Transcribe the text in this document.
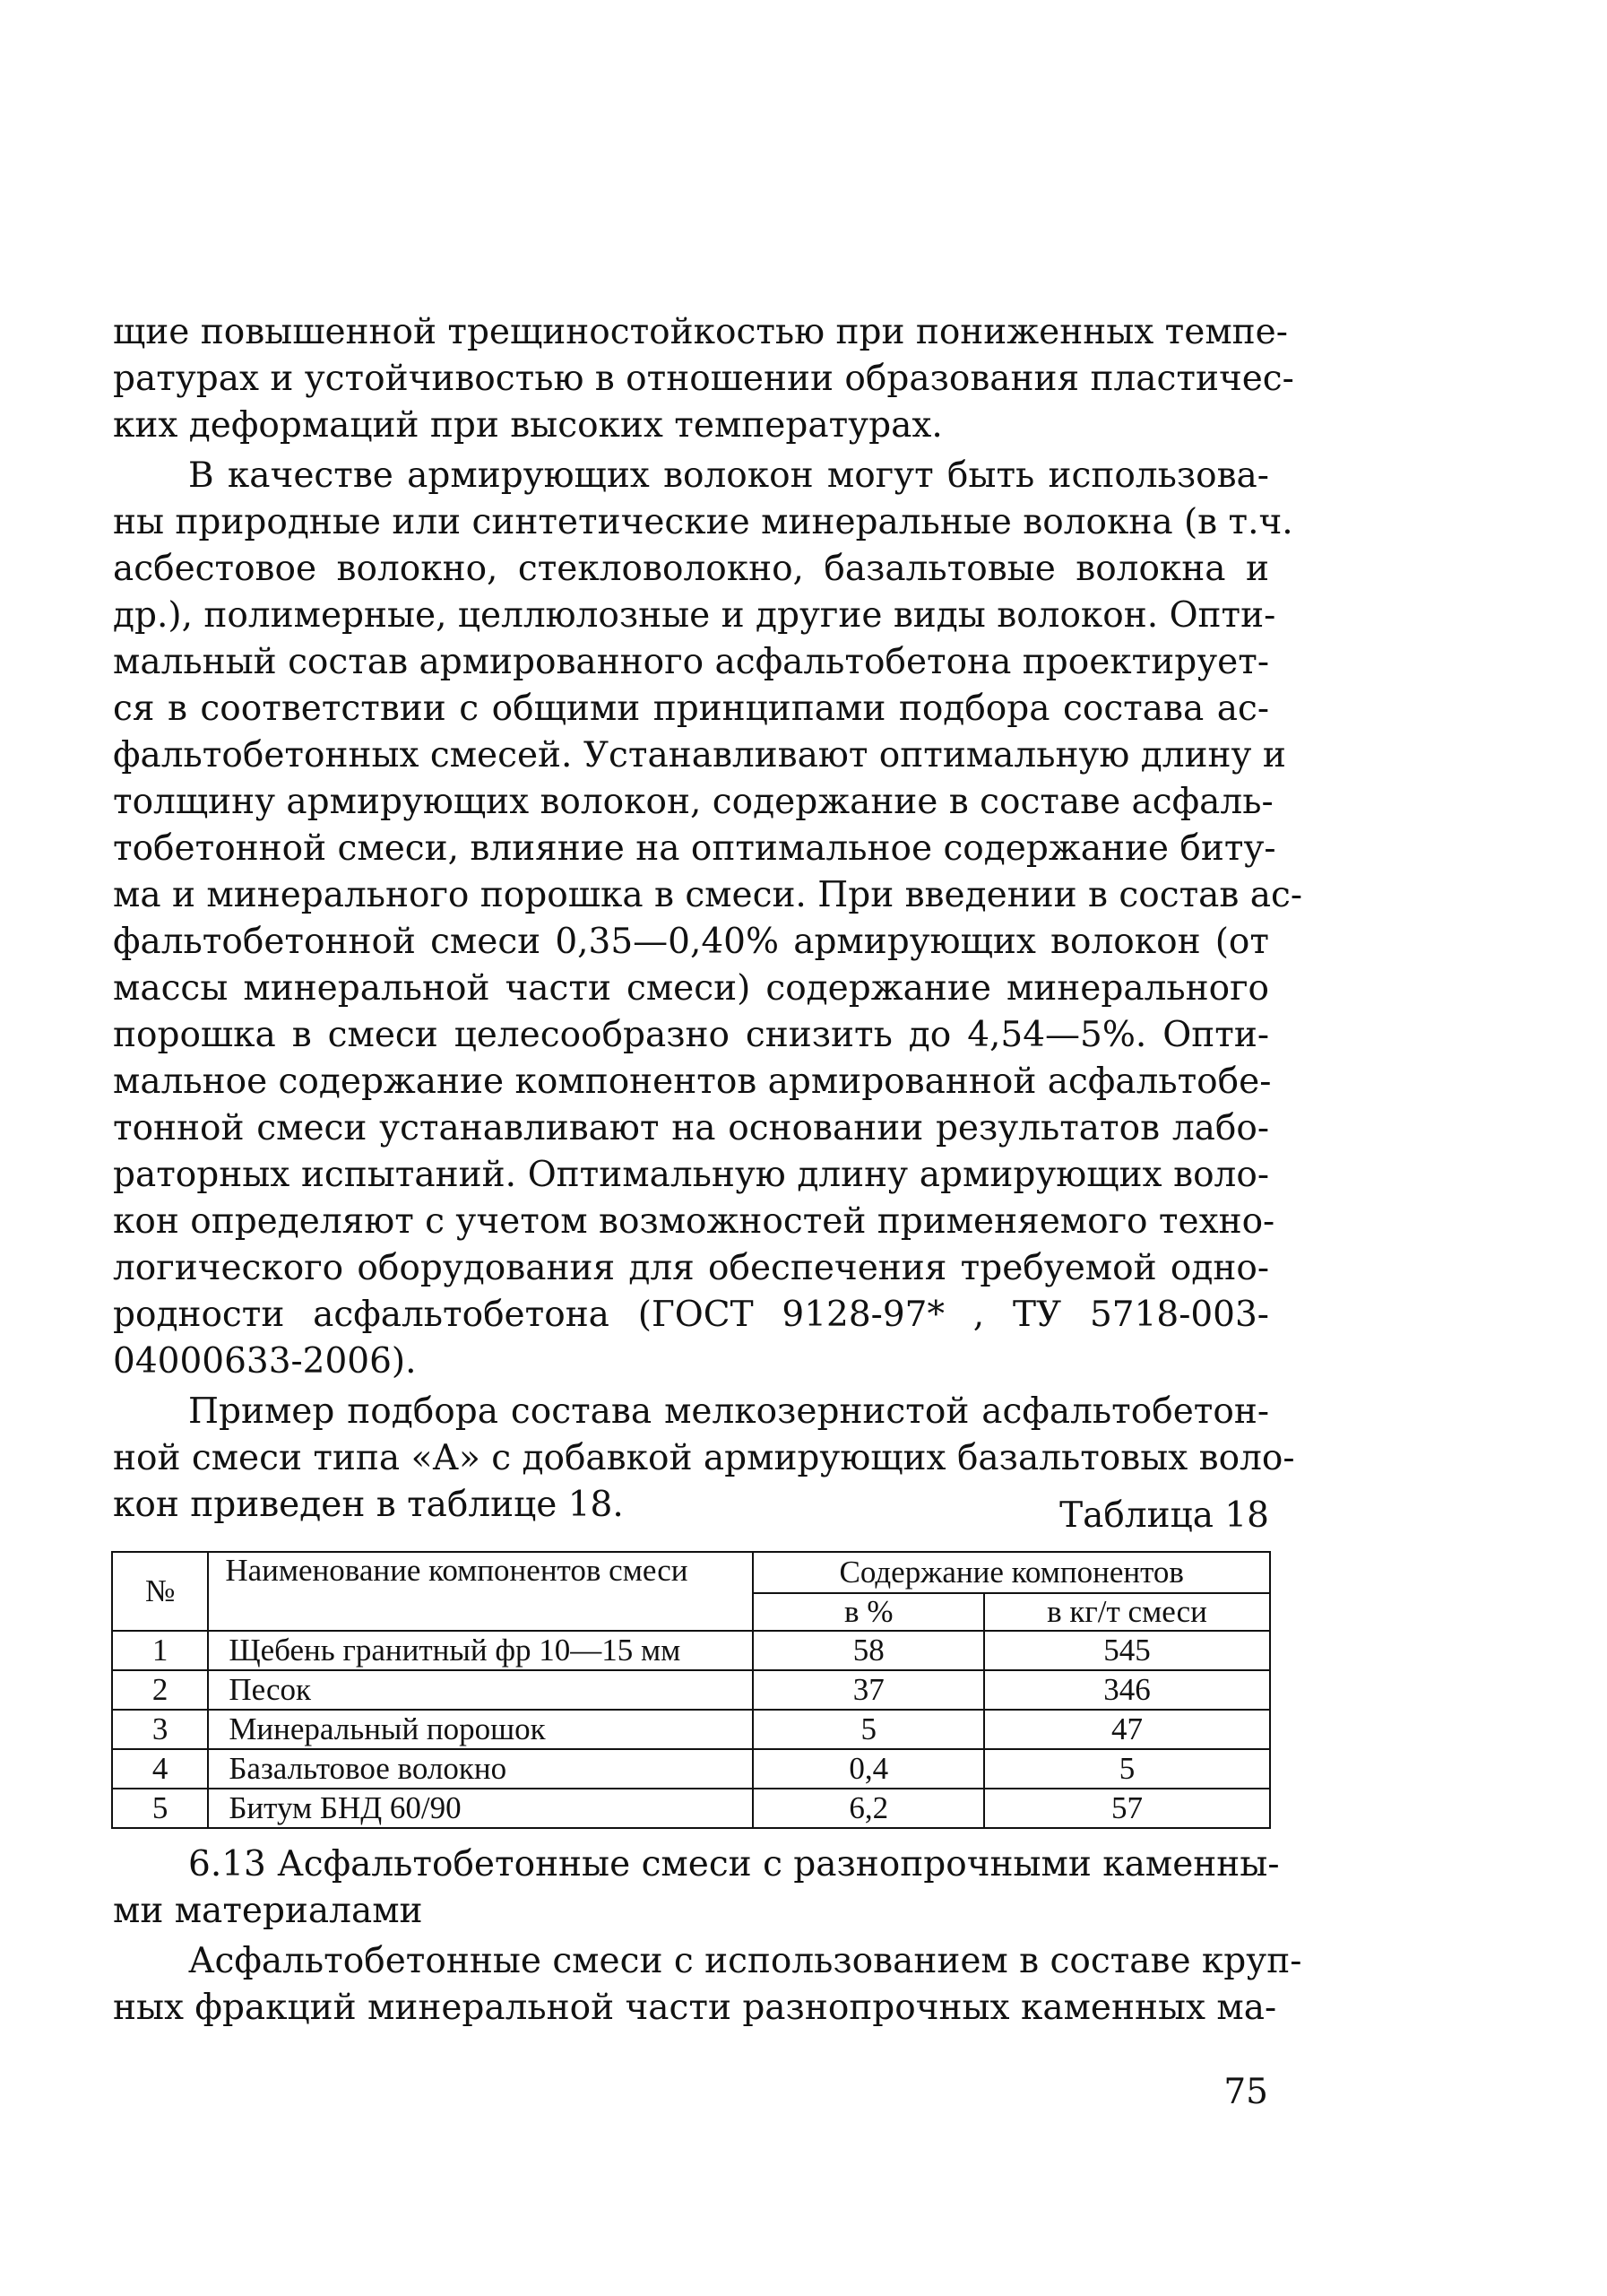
щие повышенной трещиностойкостью при пониженных темпе-
ратурах и устойчивостью в отношении образования пластичес-
ких деформаций при высоких температурах.
В качестве армирующих волокон могут быть использова-
ны природные или синтетические минеральные волокна (в т.ч.
асбестовое волокно, стекловолокно, базальтовые волокна и
др.), полимерные, целлюлозные и другие виды волокон. Опти-
мальный состав армированного асфальтобетона проектирует-
ся в соответствии с общими принципами подбора состава ас-
фальтобетонных смесей. Устанавливают оптимальную длину и
толщину армирующих волокон, содержание в составе асфаль-
тобетонной смеси, влияние на оптимальное содержание биту-
ма и минерального порошка в смеси. При введении в состав ас-
фальтобетонной смеси 0,35—0,40% армирующих волокон (от
массы минеральной части смеси) содержание минерального
порошка в смеси целесообразно снизить до 4,54—5%. Опти-
мальное содержание компонентов армированной асфальтобе-
тонной смеси устанавливают на основании результатов лабо-
раторных испытаний. Оптимальную длину армирующих воло-
кон определяют с учетом возможностей применяемого техно-
логического оборудования для обеспечения требуемой одно-
родности асфальтобетона (ГОСТ 9128-97* , ТУ 5718-003-
04000633-2006).
Пример подбора состава мелкозернистой асфальтобетон-
ной смеси типа «А» с добавкой армирующих базальтовых воло-
кон приведен в таблице 18.	Таблица 18
№	Наименование компонентов смеси	Содержание компонентов	
		в %	в кг/т смеси
1	Щебень гранитный фр 10—15 мм	58	545
2	Песок	37	346
3	Минеральный порошок	5	47
4	Базальтовое волокно	0,4	5
5	Битум БНД 60/90	6,2	57
6.13 Асфальтобетонные смеси с разнопрочными каменны-
ми материалами
Асфальтобетонные смеси с использованием в составе круп-
ных фракций минеральной части разнопрочных каменных ма-
75
